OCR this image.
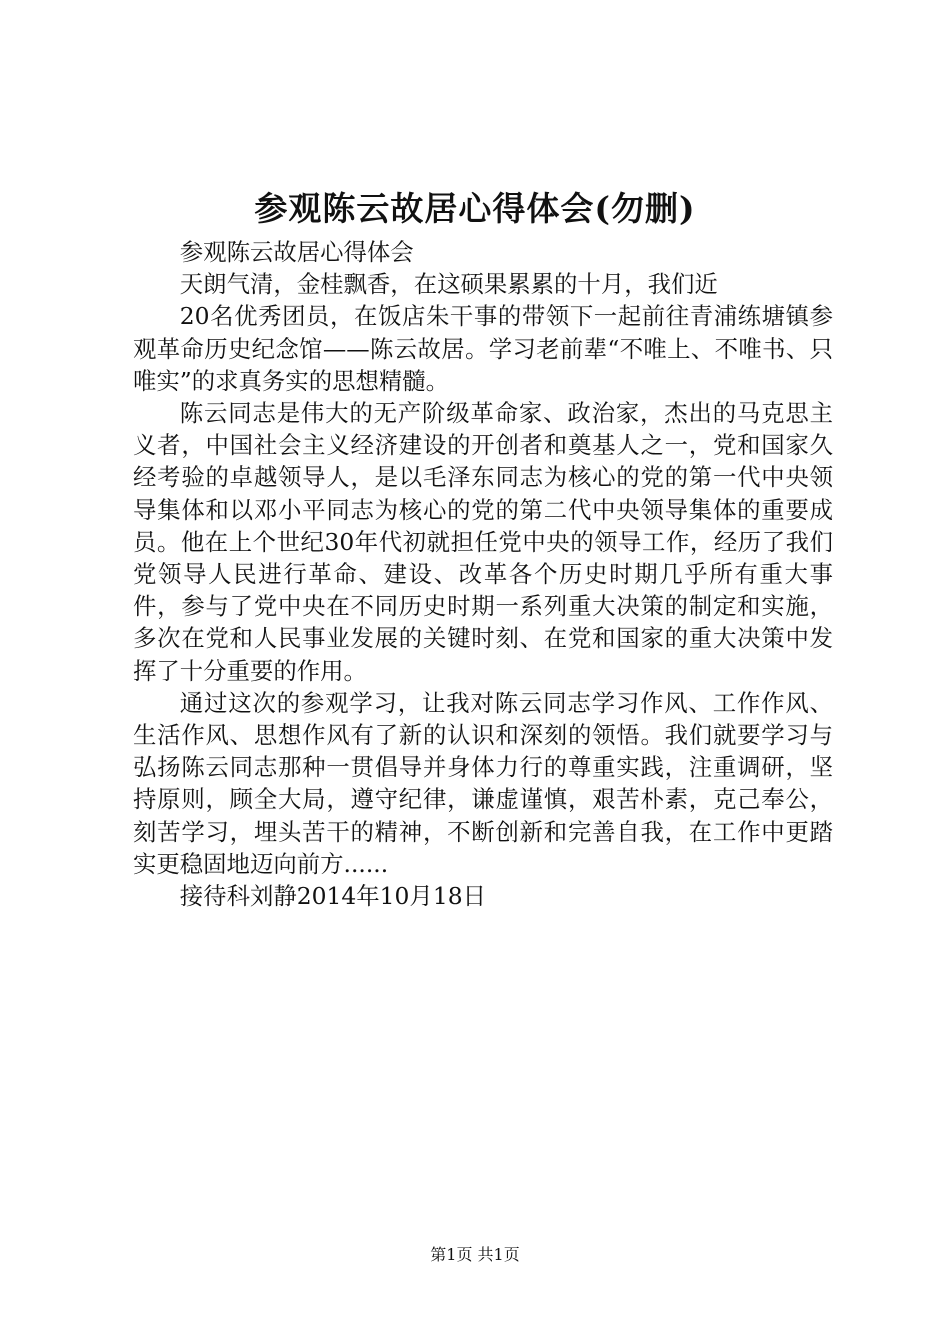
参观陈云故居心得体会(勿删)

参观陈云故居心得体会

天朗气清，金桂飘香，在这硕果累累的十月，我们近

20名优秀团员，在饭店朱干事的带领下一起前往青浦练塘镇参观革命历史纪念馆——陈云故居。学习老前辈“不唯上、不唯书、只唯实”的求真务实的思想精髓。

陈云同志是伟大的无产阶级革命家、政治家，杰出的马克思主义者，中国社会主义经济建设的开创者和奠基人之一，党和国家久经考验的卓越领导人，是以毛泽东同志为核心的党的第一代中央领导集体和以邓小平同志为核心的党的第二代中央领导集体的重要成员。他在上个世纪30年代初就担任党中央的领导工作，经历了我们党领导人民进行革命、建设、改革各个历史时期几乎所有重大事件，参与了党中央在不同历史时期一系列重大决策的制定和实施，多次在党和人民事业发展的关键时刻、在党和国家的重大决策中发挥了十分重要的作用。

通过这次的参观学习，让我对陈云同志学习作风、工作作风、生活作风、思想作风有了新的认识和深刻的领悟。我们就要学习与弘扬陈云同志那种一贯倡导并身体力行的尊重实践，注重调研，坚持原则，顾全大局，遵守纪律，谦虚谨慎，艰苦朴素，克己奉公，刻苦学习，埋头苦干的精神，不断创新和完善自我，在工作中更踏实更稳固地迈向前方......

接待科刘静2014年10月18日

第1页 共1页
